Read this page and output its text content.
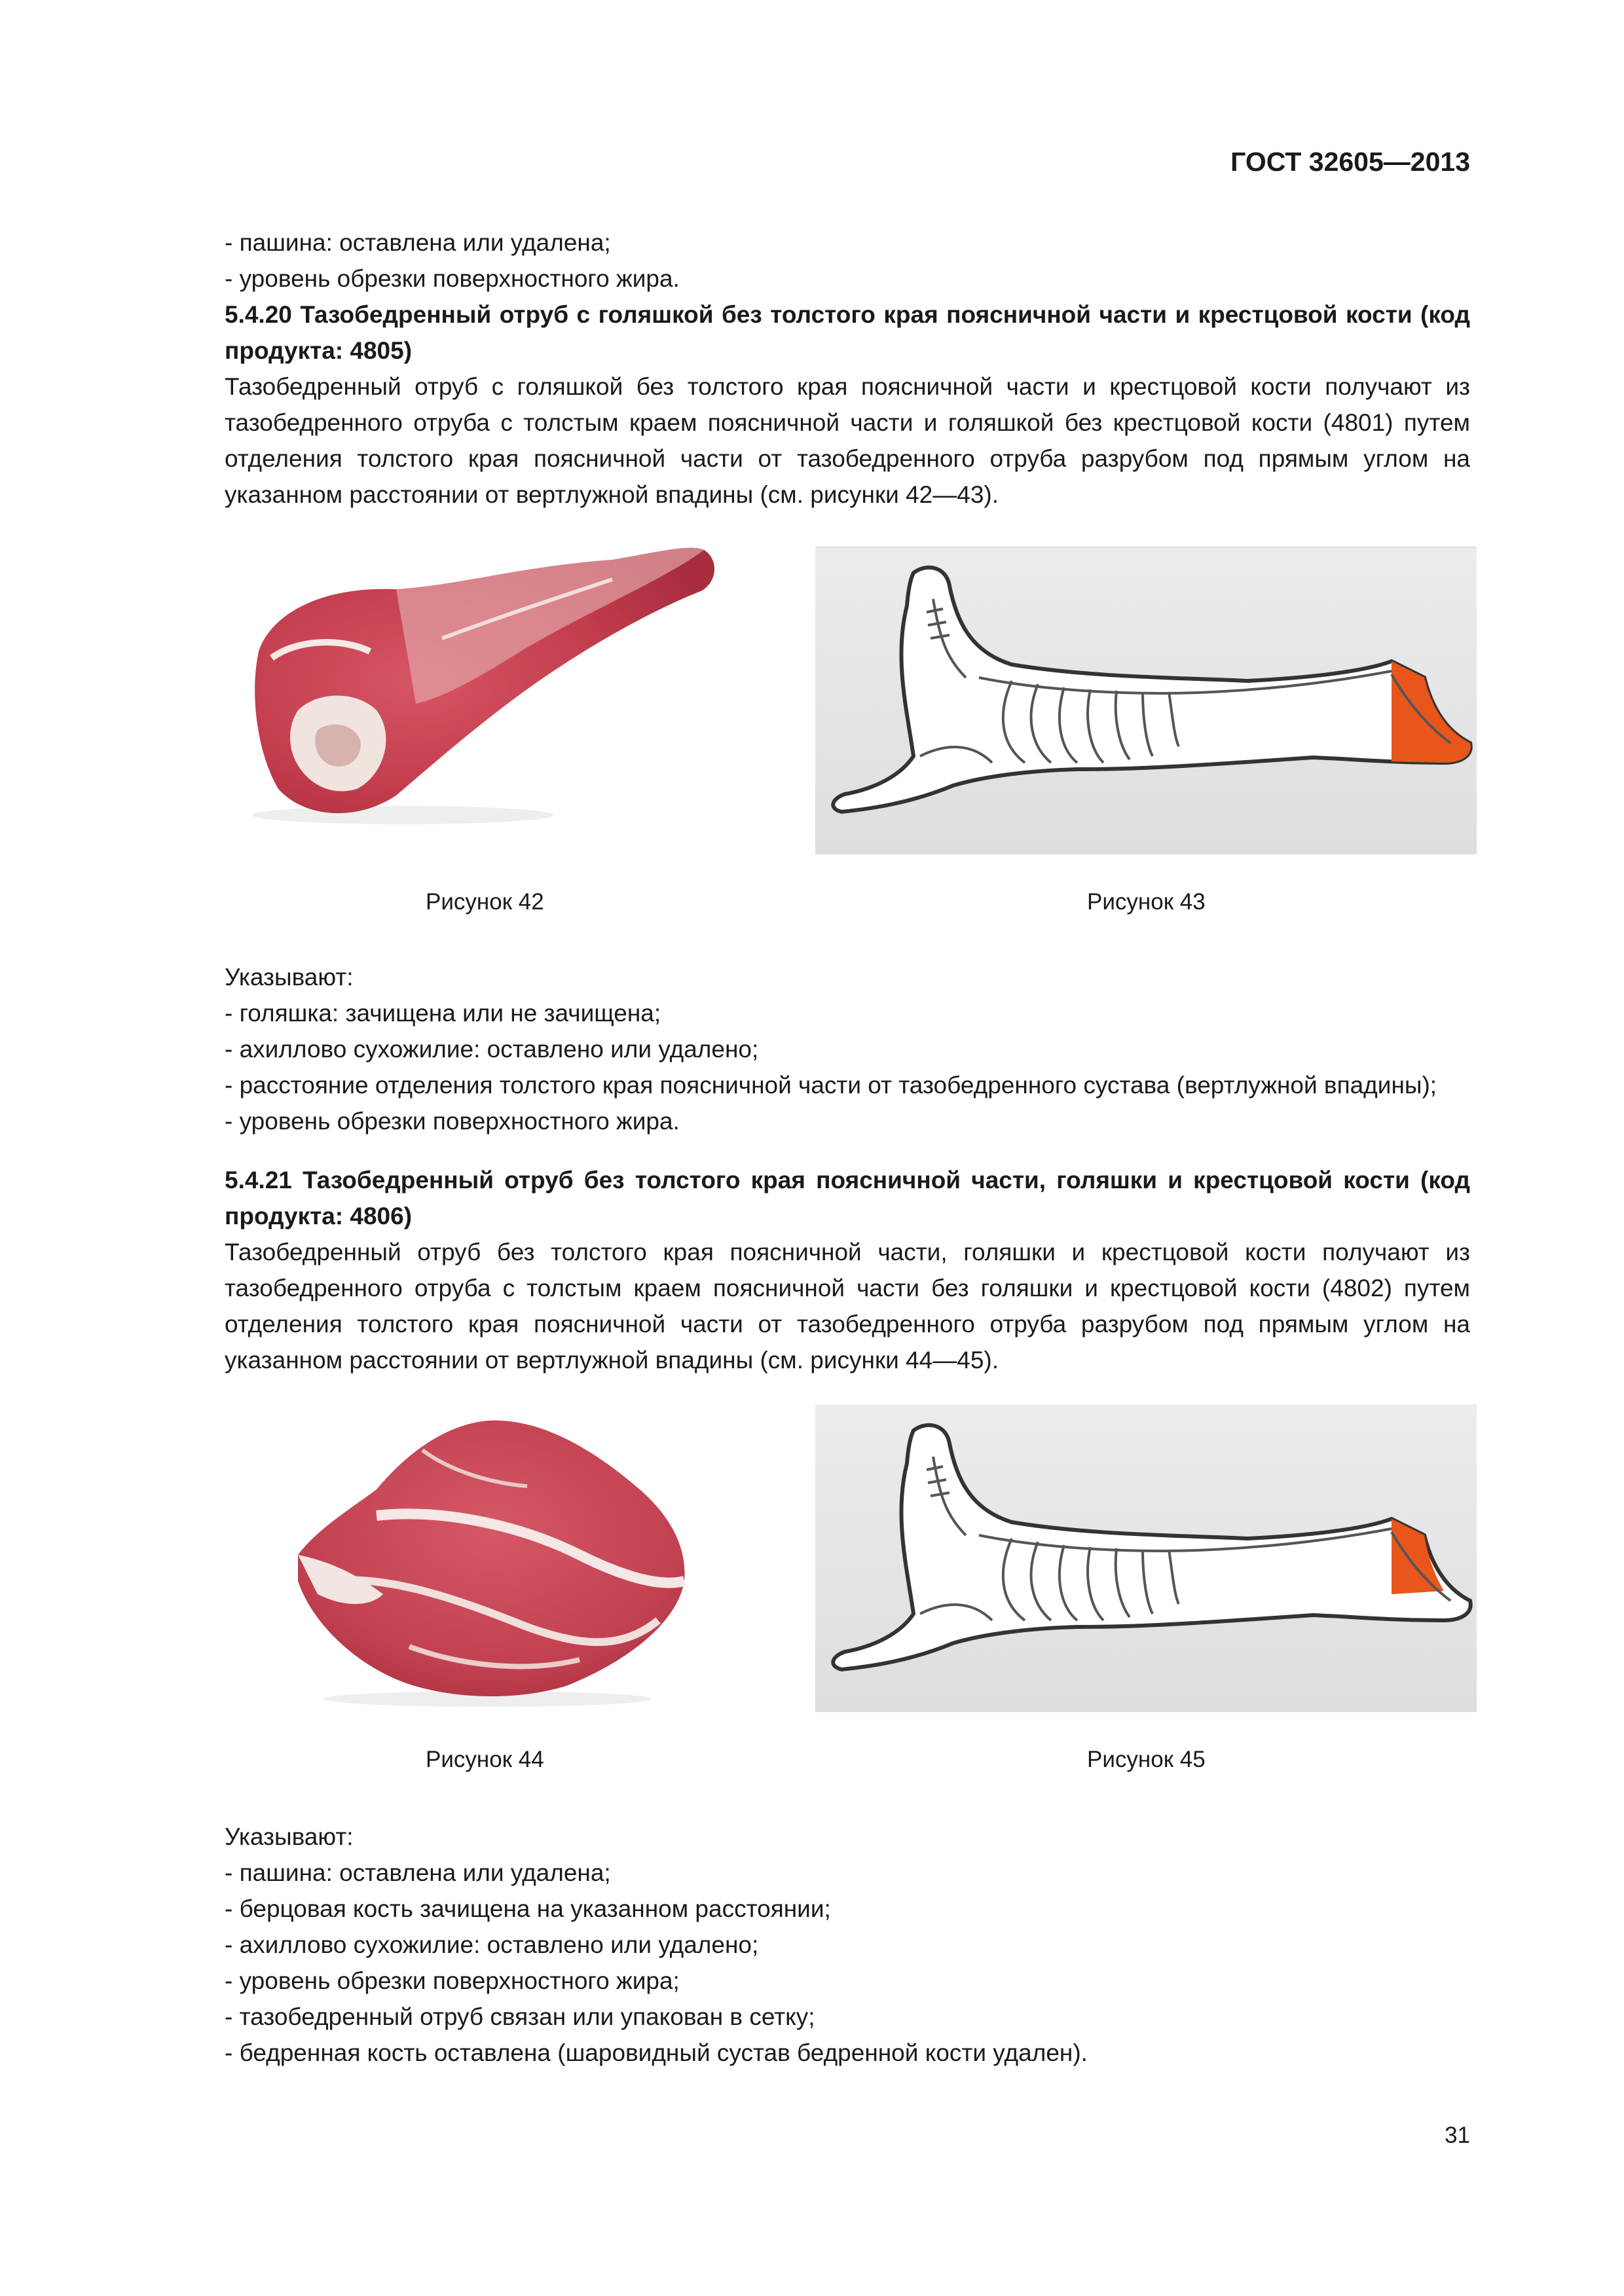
ГОСТ 32605—2013

- пашина: оставлена или удалена;

- уровень обрезки поверхностного жира.

5.4.20 Тазобедренный отруб с голяшкой без толстого края поясничной части и крестцовой кости (код продукта: 4805)

Тазобедренный отруб с голяшкой без толстого края поясничной части и крестцовой кости получают из тазобедренного отруба с толстым краем поясничной части и голяшкой без крестцовой кости (4801) путем отделения толстого края поясничной части от тазобедренного отруба разрубом под прямым углом на указанном расстоянии от вертлужной впадины (см. рисунки 42—43).

Рисунок 42	Рисунок 43

Указывают:

- голяшка: зачищена или не зачищена;

- ахиллово сухожилие: оставлено или удалено;

- расстояние отделения толстого края поясничной части от тазобедренного сустава (вертлужной впадины);

- уровень обрезки поверхностного жира.

5.4.21 Тазобедренный отруб без толстого края поясничной части, голяшки и крестцовой кости (код продукта: 4806)

Тазобедренный отруб без толстого края поясничной части, голяшки и крестцовой кости получают из тазобедренного отруба с толстым краем поясничной части без голяшки и крестцовой кости (4802) путем отделения толстого края поясничной части от тазобедренного отруба разрубом под прямым углом на указанном расстоянии от вертлужной впадины (см. рисунки 44—45).

Рисунок 44	Рисунок 45

Указывают:

- пашина: оставлена или удалена;

- берцовая кость зачищена на указанном расстоянии;

- ахиллово сухожилие: оставлено или удалено;

- уровень обрезки поверхностного жира;

- тазобедренный отруб связан или упакован в сетку;

- бедренная кость оставлена (шаровидный сустав бедренной кости удален).

31
